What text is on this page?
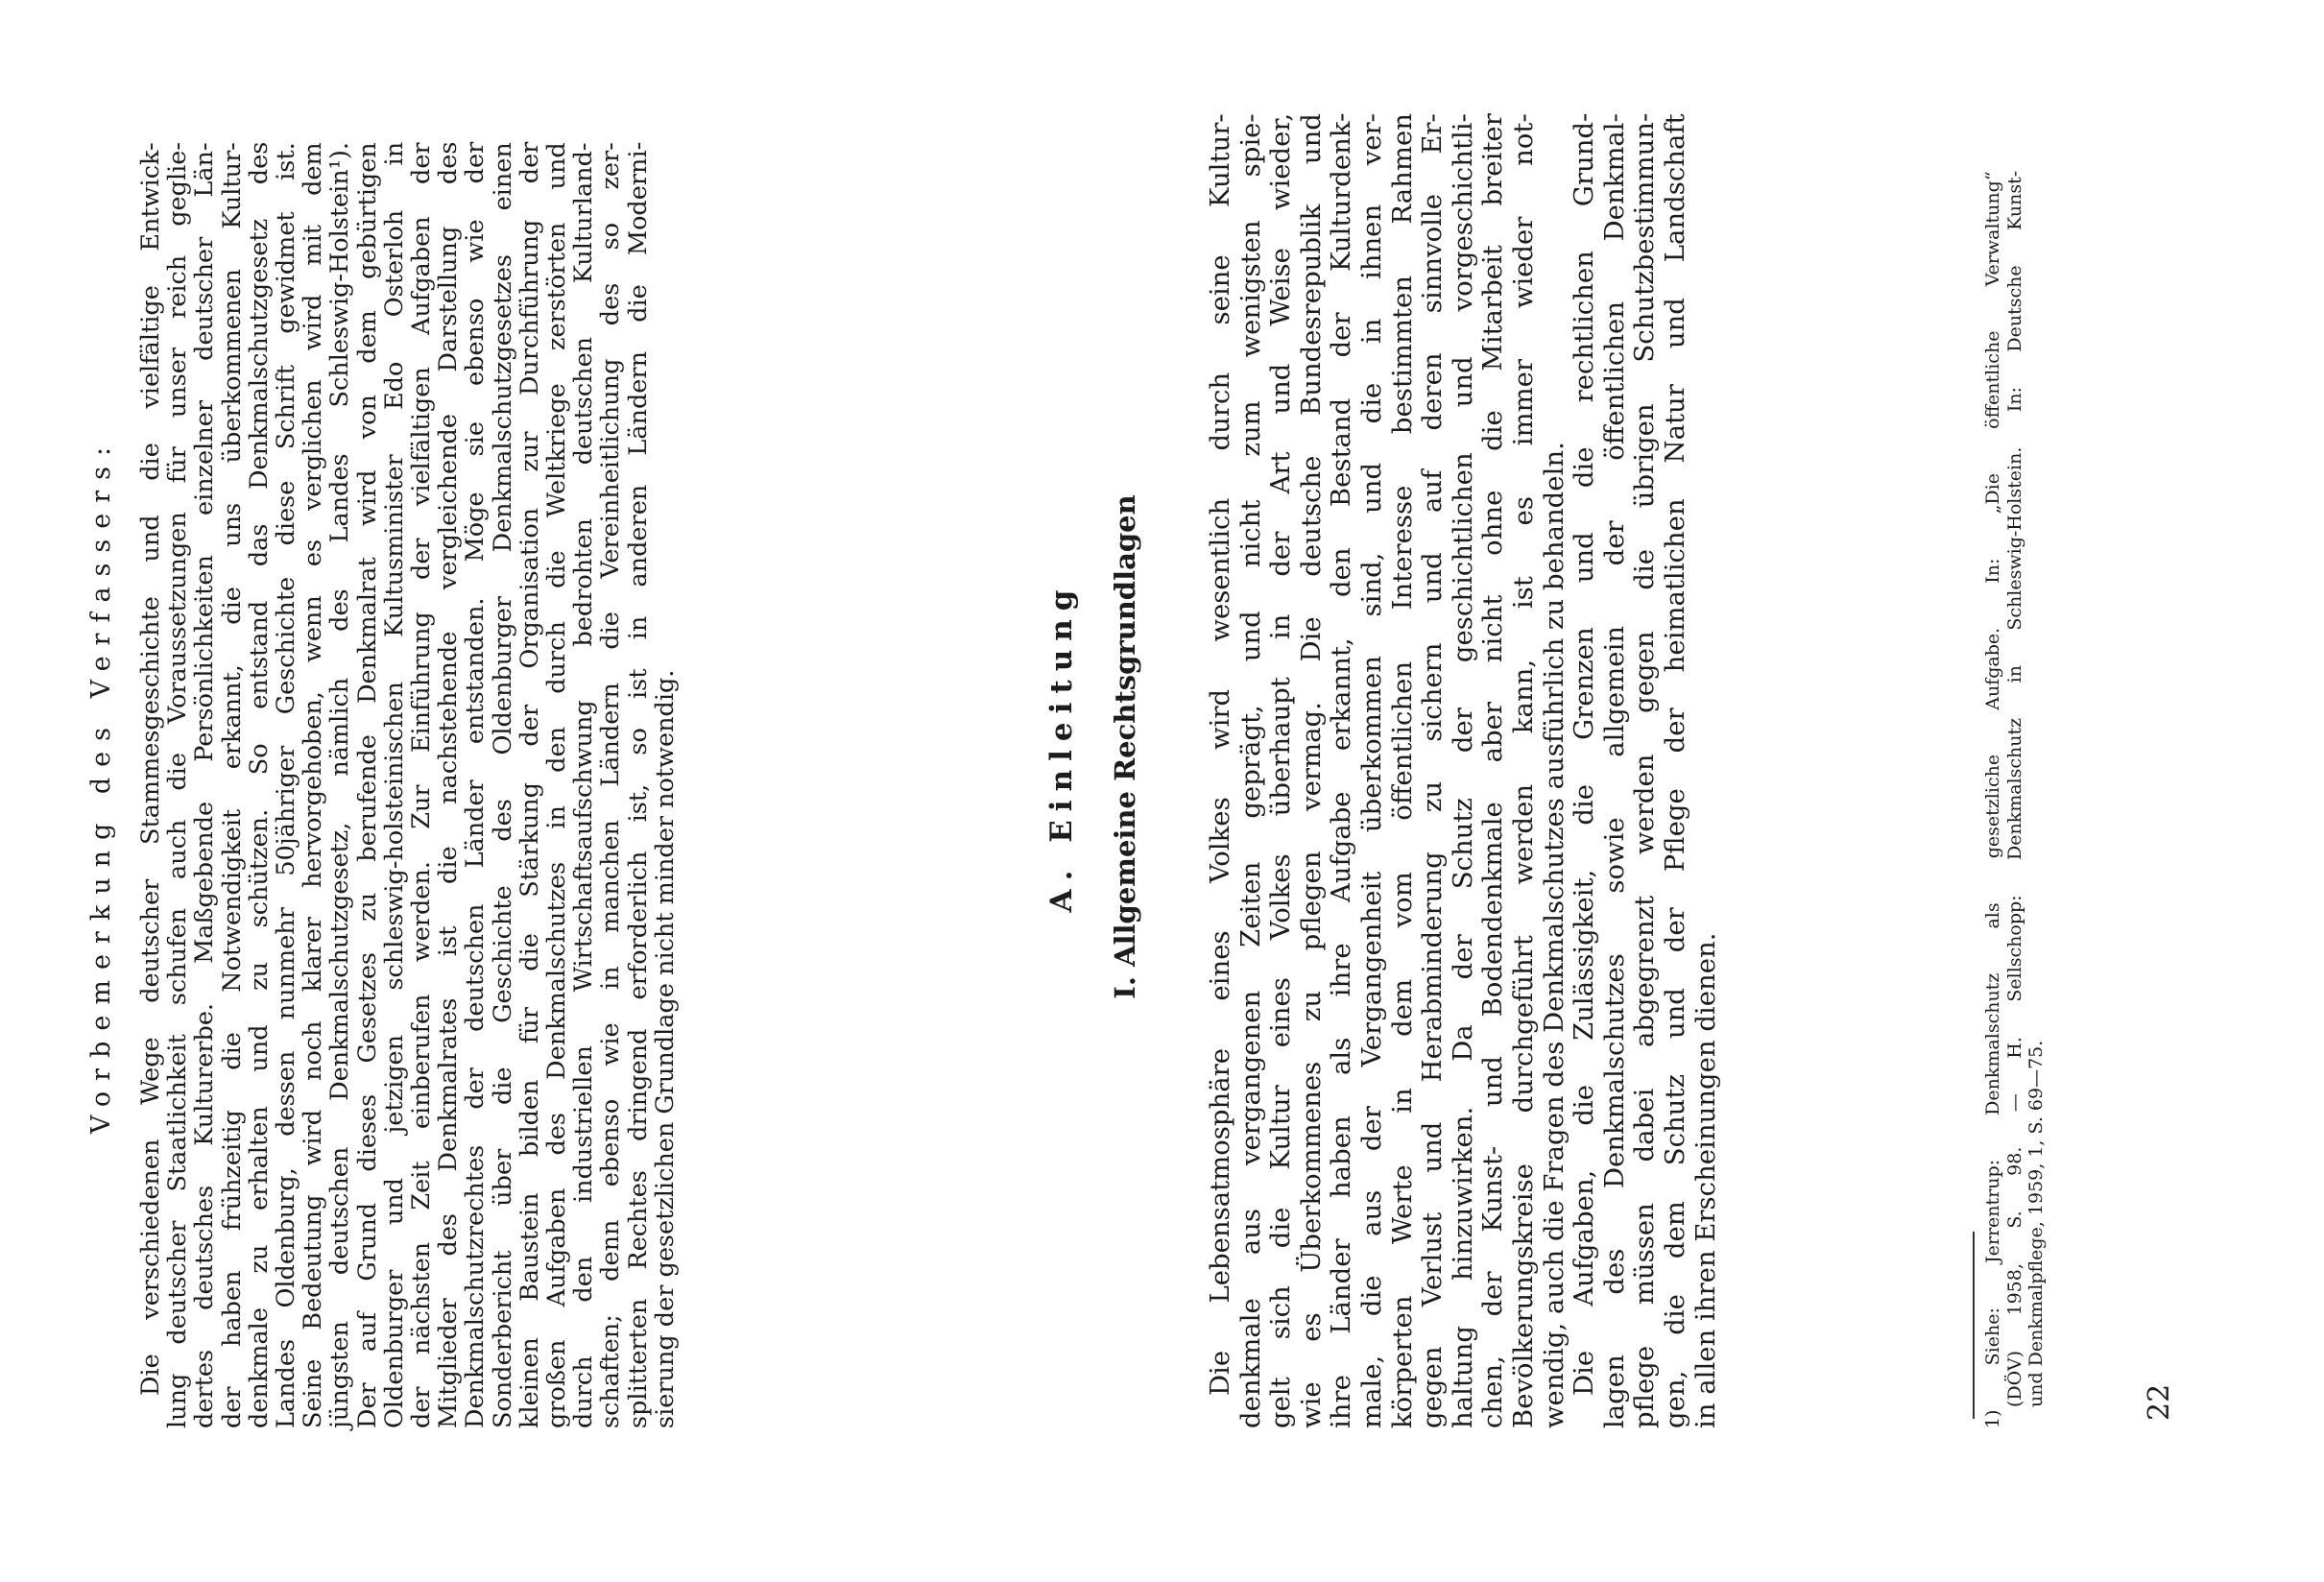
Vorbemerkung des Verfassers: Die verschiedenen Wege deutscher Stammesgeschichte und die vielfältige Entwick-
lung deutscher Staatlichkeit schufen auch die Voraussetzungen für unser reich geglie-
dertes deutsches Kulturerbe. Maßgebende Persönlichkeiten einzelner deutscher Län-
der haben frühzeitig die Notwendigkeit erkannt, die uns überkommenen Kultur-
denkmale zu erhalten und zu schützen. So entstand das Denkmalschutzgesetz des
Landes Oldenburg, dessen nunmehr 50jähriger Geschichte diese Schrift gewidmet ist.
Seine Bedeutung wird noch klarer hervorgehoben, wenn es verglichen wird mit dem
jüngsten deutschen Denkmalschutzgesetz, nämlich des Landes Schleswig-Holstein¹).
Der auf Grund dieses Gesetzes zu berufende Denkmalrat wird von dem gebürtigen
Oldenburger und jetzigen schleswig-holsteinischen Kultusminister Edo Osterloh in
der nächsten Zeit einberufen werden. Zur Einführung der vielfältigen Aufgaben der
Mitglieder des Denkmalrates ist die nachstehende vergleichende Darstellung des
Denkmalschutzrechtes der deutschen Länder entstanden. Möge sie ebenso wie der
Sonderbericht über die Geschichte des Oldenburger Denkmalschutzgesetzes einen
kleinen Baustein bilden für die Stärkung der Organisation zur Durchführung der
großen Aufgaben des Denkmalschutzes in den durch die Weltkriege zerstörten und
durch den industriellen Wirtschaftsaufschwung bedrohten deutschen Kulturland-
schaften; denn ebenso wie in manchen Ländern die Vereinheitlichung des so zer-
splitterten Rechtes dringend erforderlich ist, so ist in anderen Ländern die Moderni-
sierung der gesetzlichen Grundlage nicht minder notwendig.	A. Einleitung I. Allgemeine Rechtsgrundlagen Die Lebensatmosphäre eines Volkes wird wesentlich durch seine Kultur- denkmale aus vergangenen Zeiten geprägt, und nicht zum wenigsten spie- gelt sich die Kultur eines Volkes überhaupt in der Art und Weise wieder, wie es Überkommenes zu pflegen vermag. Die deutsche Bundesrepublik und ihre Länder haben als ihre Aufgabe erkannt, den Bestand der Kulturdenk- male, die aus der Vergangenheit überkommen sind, und die in ihnen ver- körperten Werte in dem vom öffentlichen Interesse bestimmten Rahmen gegen Verlust und Herabminderung zu sichern und auf deren sinnvolle Er- haltung hinzuwirken. Da der Schutz der geschichtlichen und vorgeschichtli- chen, der Kunst- und Bodendenkmale aber nicht ohne die Mitarbeit breiter Bevölkerungskreise durchgeführt werden kann, ist es immer wieder not- wendig, auch die Fragen des Denkmalschutzes ausführlich zu behandeln. Die Aufgaben, die Zulässigkeit, die Grenzen und die rechtlichen Grund- lagen des Denkmalschutzes sowie allgemein der öffentlichen Denkmal- pflege müssen dabei abgegrenzt werden gegen die übrigen Schutzbestimmun- gen, die dem Schutz und der Pflege der heimatlichen Natur und Landschaft in allen ihren Erscheinungen dienen.	1) Siehe: Jerrentrup: Denkmalschutz als gesetzliche Aufgabe. In: „Die öffentliche Verwaltung“ (DÖV) 1958, S. 98. — H. Sellschopp: Denkmalschutz in Schleswig-Holstein. In: Deutsche Kunst- und Denkmalpflege, 1959, 1, S. 69—75.	22
